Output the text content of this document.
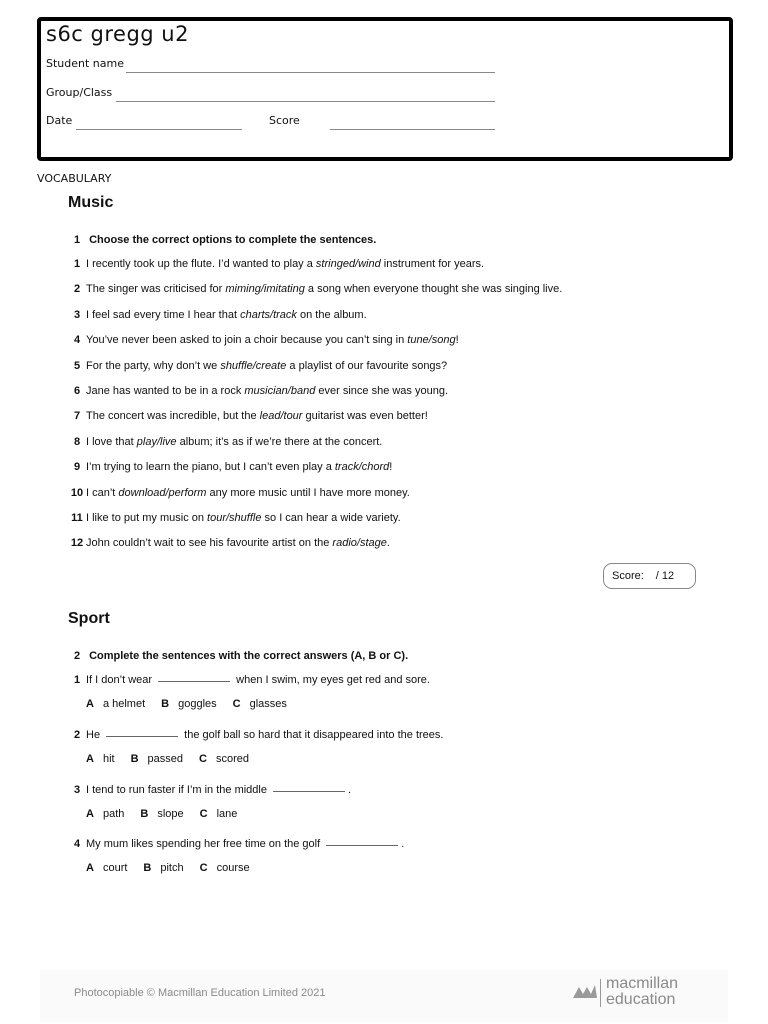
s6c gregg u2
Student name
Group/Class
Date	Score
VOCABULARY
Music
1 Choose the correct options to complete the sentences.
1 I recently took up the flute. I’d wanted to play a stringed/wind instrument for years.
2 The singer was criticised for miming/imitating a song when everyone thought she was singing live.
3 I feel sad every time I hear that charts/track on the album.
4 You’ve never been asked to join a choir because you can’t sing in tune/song!
5 For the party, why don’t we shuffle/create a playlist of our favourite songs?
6 Jane has wanted to be in a rock musician/band ever since she was young.
7 The concert was incredible, but the lead/tour guitarist was even better!
8 I love that play/live album; it’s as if we’re there at the concert.
9 I’m trying to learn the piano, but I can’t even play a track/chord!
10 I can’t download/perform any more music until I have more money.
11 I like to put my music on tour/shuffle so I can hear a wide variety.
12 John couldn’t wait to see his favourite artist on the radio/stage.
Score: / 12
Sport
2 Complete the sentences with the correct answers (A, B or C).
1 If I don’t wear	when I swim, my eyes get red and sore.
A a helmet B goggles C glasses
2 He	the golf ball so hard that it disappeared into the trees.
A hit B passed C scored
3 I tend to run faster if I’m in the middle	.
A path B slope C lane
4 My mum likes spending her free time on the golf	.
A court B pitch C course
Photocopiable © Macmillan Education Limited 2021
macmillan
education
